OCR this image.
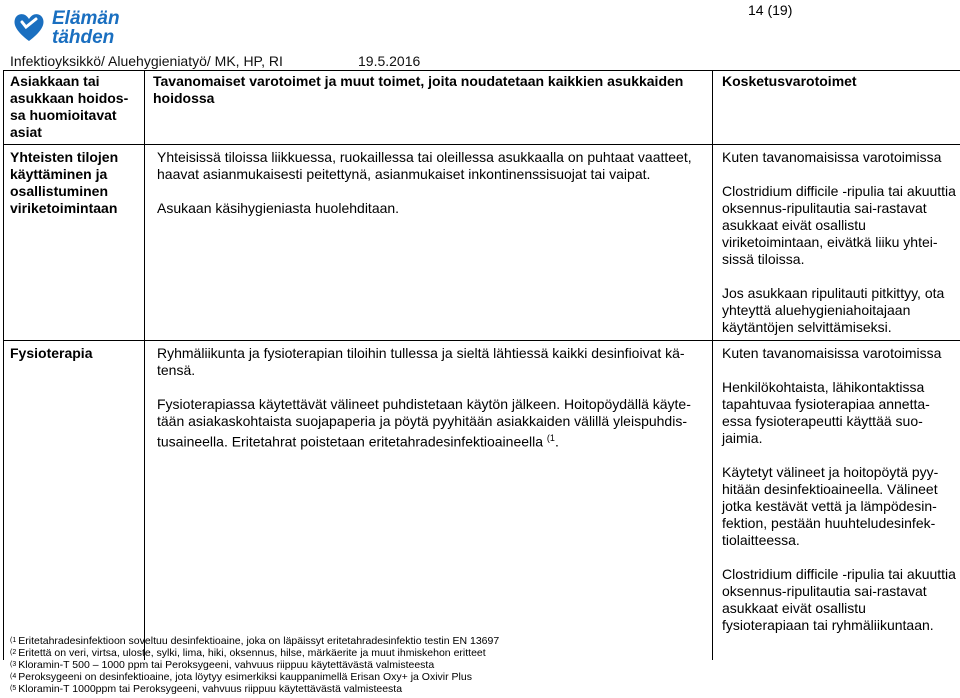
Elämän
tähden
14 (19)
Infektioyksikkö/ Aluehygieniatyö/ MK, HP, RI	19.5.2016
Asiakkaan tai asukkaan hoidos-sa huomioitavat asiat
Tavanomaiset varotoimet ja muut toimet, joita noudatetaan kaikkien asukkaiden hoidossa
Kosketusvarotoimet
Yhteisten tilojen käyttäminen ja osallistuminen viriketoimintaan

Yhteisissä tiloissa liikkuessa, ruokaillessa tai oleillessa asukkaalla on puhtaat vaatteet, haavat asianmukaisesti peitettynä, asianmukaiset inkontinenssisuojat tai vaipat.

Asukaan käsihygieniasta huolehditaan.

Kuten tavanomaisissa varotoimissa

Clostridium difficile -ripulia tai akuuttia oksennus-ripulitautia sai-rastavat asukkaat eivät osallistu viriketoimintaan, eivätkä liiku yhtei-sissä tiloissa.

Jos asukkaan ripulitauti pitkittyy, ota yhteyttä aluehygieniahoitajaan käytäntöjen selvittämiseksi.

Fysioterapia	Ryhmäliikunta ja fysioterapian tiloihin tullessa ja sieltä lähtiessä kaikki desinfioivat kä-tensä.

Fysioterapiassa käytettävät välineet puhdistetaan käytön jälkeen. Hoitopöydällä käyte-tään asiakaskohtaista suojapaperia ja pöytä pyyhitään asiakkaiden välillä yleispuhdis-tusaineella. Eritetahrat poistetaan eritetahradesinfektioaineella $^{(1}$.

Kuten tavanomaisissa varotoimissa

Henkilökohtaista, lähikontaktissa tapahtuvaa fysioterapiaa annetta-essa fysioterapeutti käyttää suo-jaimia.

Käytetyt välineet ja hoitopöytä pyy-hitään desinfektioaineella. Välineet jotka kestävät vettä ja lämpödesin-fektion, pestään huuhteludesinfek-tiolaitteessa.

Clostridium difficile -ripulia tai akuuttia oksennus-ripulitautia sai-rastavat asukkaat eivät osallistu fysioterapiaan tai ryhmäliikuntaan.

$^{(1}$ Eritetahradesinfektioon soveltuu desinfektioaine, joka on läpäissyt eritetahradesinfektio testin EN 13697
$^{(2}$ Eritettä on veri, virtsa, uloste, sylki, lima, hiki, oksennus, hilse, märkäerite ja muut ihmiskehon eritteet
$^{(3}$ Kloramin-T 500 – 1000 ppm tai Peroksygeeni, vahvuus riippuu käytettävästä valmisteesta
$^{(4}$ Peroksygeeni on desinfektioaine, jota löytyy esimerkiksi kauppanimellä Erisan Oxy+ ja Oxivir Plus
$^{(5}$ Kloramin-T 1000ppm tai Peroksygeeni, vahvuus riippuu käytettävästä valmisteesta
